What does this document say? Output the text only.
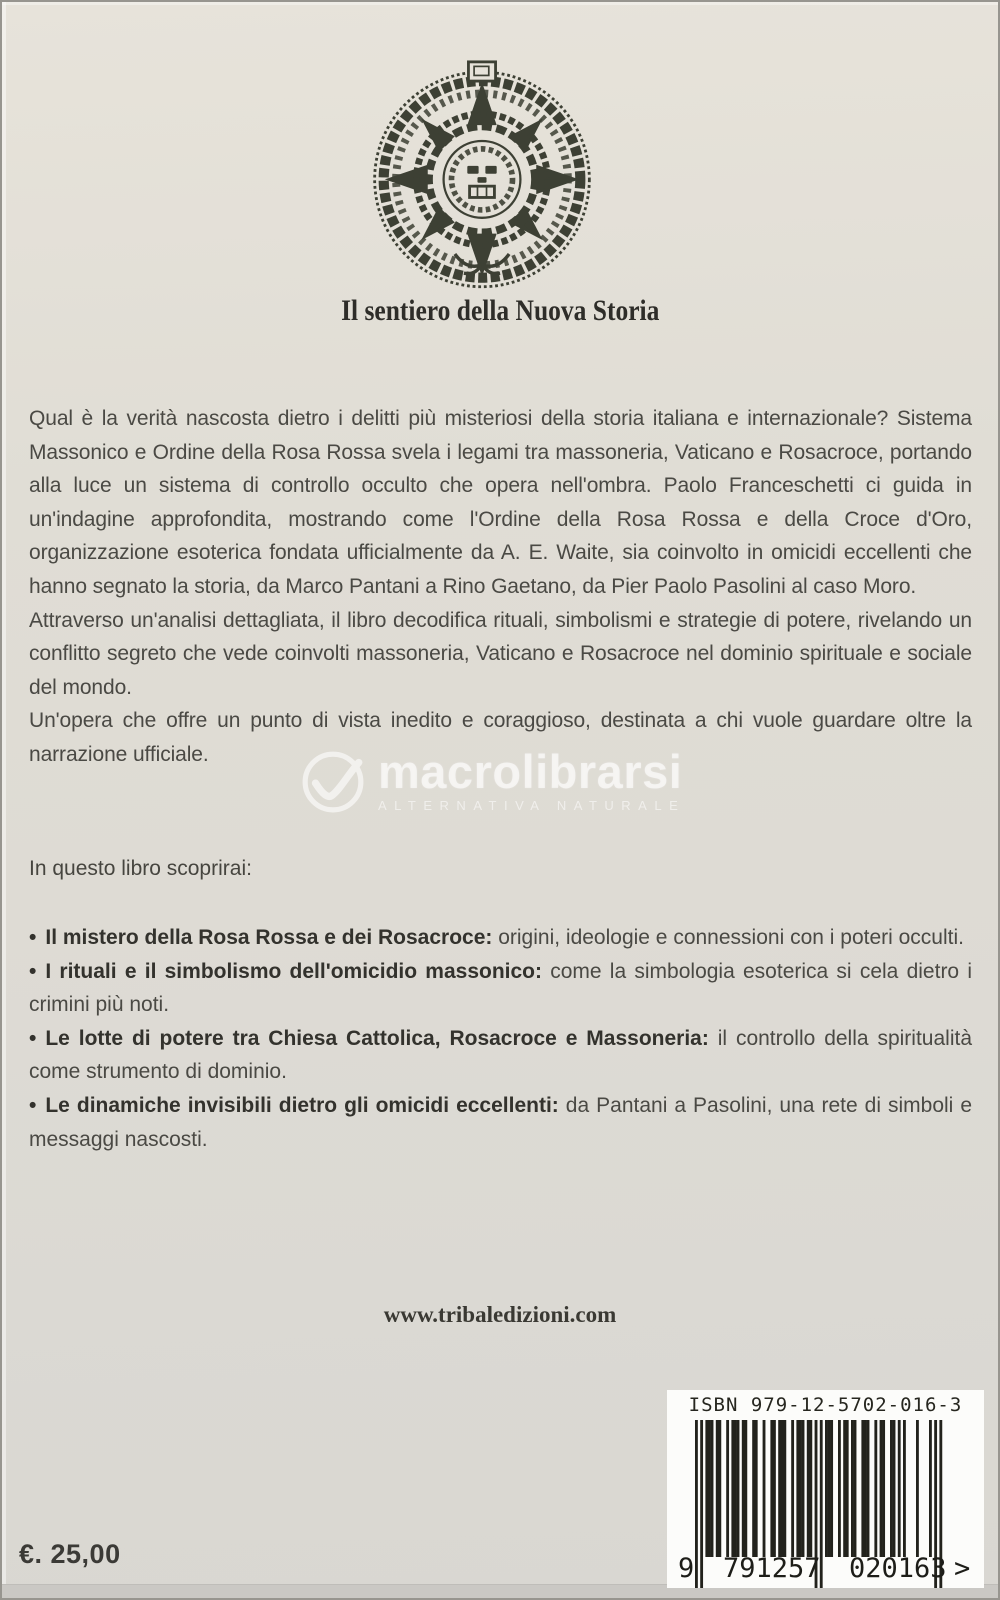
Il sentiero della Nuova Storia

Qual è la verità nascosta dietro i delitti più misteriosi della storia italiana e internazionale? Sistema Massonico e Ordine della Rosa Rossa svela i legami tra massoneria, Vaticano e Rosacroce, portando alla luce un sistema di controllo occulto che opera nell'ombra. Paolo Franceschetti ci guida in un'indagine approfondita, mostrando come l'Ordine della Rosa Rossa e della Croce d'Oro, organizzazione esoterica fondata ufficialmente da A. E. Waite, sia coinvolto in omicidi eccellenti che hanno segnato la storia, da Marco Pantani a Rino Gaetano, da Pier Paolo Pasolini al caso Moro.

Attraverso un'analisi dettagliata, il libro decodifica rituali, simbolismi e strategie di potere, rivelando un conflitto segreto che vede coinvolti massoneria, Vaticano e Rosacroce nel dominio spirituale e sociale del mondo.

Un'opera che offre un punto di vista inedito e coraggioso, destinata a chi vuole guardare oltre la narrazione ufficiale.	macrolibrarsi
ALTERNATIVA NATURALE
In questo libro scoprirai:
• Il mistero della Rosa Rossa e dei Rosacroce: origini, ideologie e connessioni con i poteri occulti.
• I rituali e il simbolismo dell'omicidio massonico: come la simbologia esoterica si cela dietro i crimini più noti.
• Le lotte di potere tra Chiesa Cattolica, Rosacroce e Massoneria: il controllo della spiritualità come strumento di dominio.
• Le dinamiche invisibili dietro gli omicidi eccellenti: da Pantani a Pasolini, una rete di simboli e messaggi nascosti.
www.tribaledizioni.com
€. 25,00
ISBN 979-12-5702-016-3
9 791257 020163 >
